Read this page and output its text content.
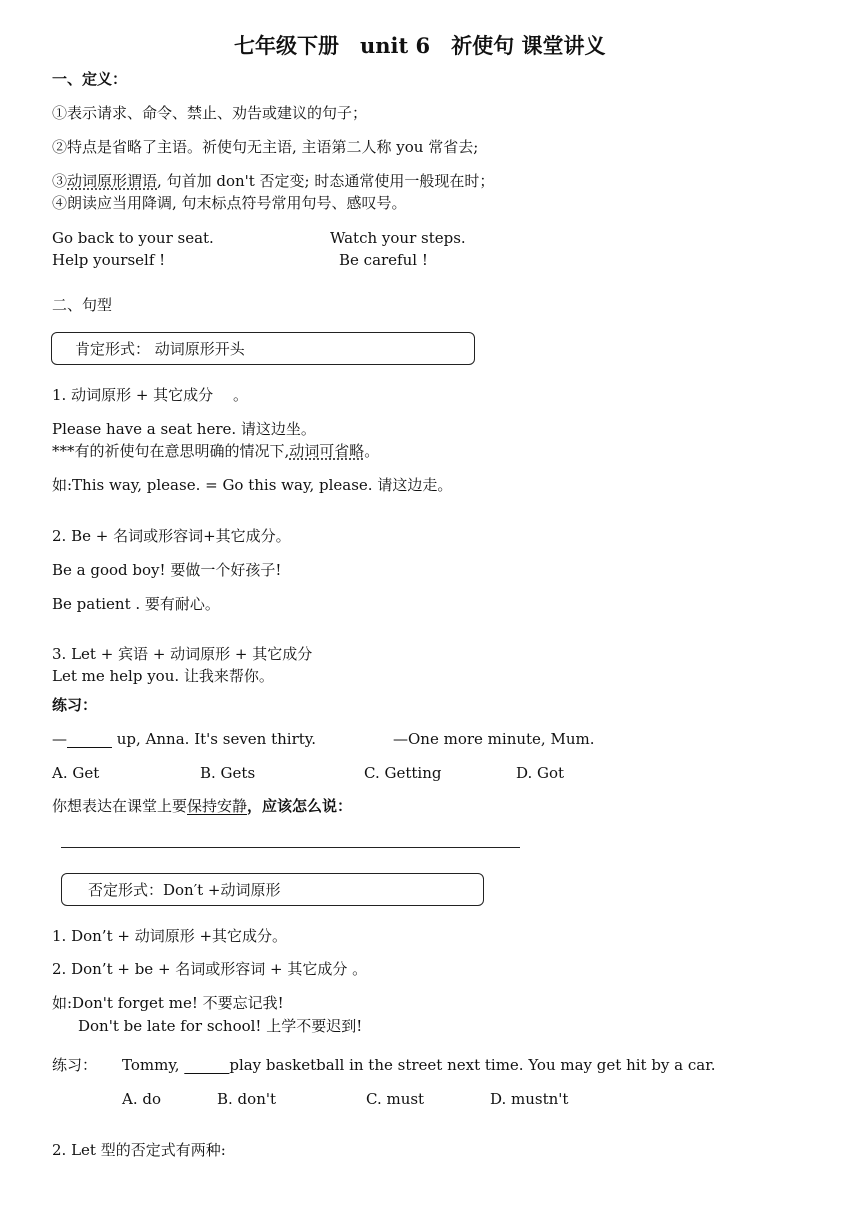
七年级下册　unit 6　祈使句 课堂讲义
一、定义：
①表示请求、命令、禁止、劝告或建议的句子；
②特点是省略了主语。祈使句无主语, 主语第二人称 you 常省去;
③动词原形谓语, 句首加 don't 否定变; 时态通常使用一般现在时；
④朗读应当用降调, 句末标点符号常用句号、感叹号。
Go back to your seat.	Watch your steps.
Help yourself !	Be careful !
二、句型
肯定形式： 动词原形开头
1. 动词原形 + 其它成分　 。
Please have a seat here. 请这边坐。
***有的祈使句在意思明确的情况下,动词可省略。
如:This way, please. = Go this way, please. 请这边走。
2. Be + 名词或形容词+其它成分。
Be a good boy! 要做一个好孩子!
Be patient . 要有耐心。
3. Let + 宾语 + 动词原形 + 其它成分
Let me help you. 让我来帮你。
练习：
—______ up, Anna. It's seven thirty.	—One more minute, Mum.
A. Get	B. Gets	C. Getting	D. Got
你想表达在课堂上要保持安静，应该怎么说：
否定形式：Don′t +动词原形
1. Don’t + 动词原形 +其它成分。
2. Don’t + be + 名词或形容词 + 其它成分 。
如:Don't forget me! 不要忘记我!
Don't be late for school! 上学不要迟到!
练习： Tommy, ______play basketball in the street next time. You may get hit by a car.
A. do	B. don't	C. must	D. mustn't
2. Let 型的否定式有两种:
